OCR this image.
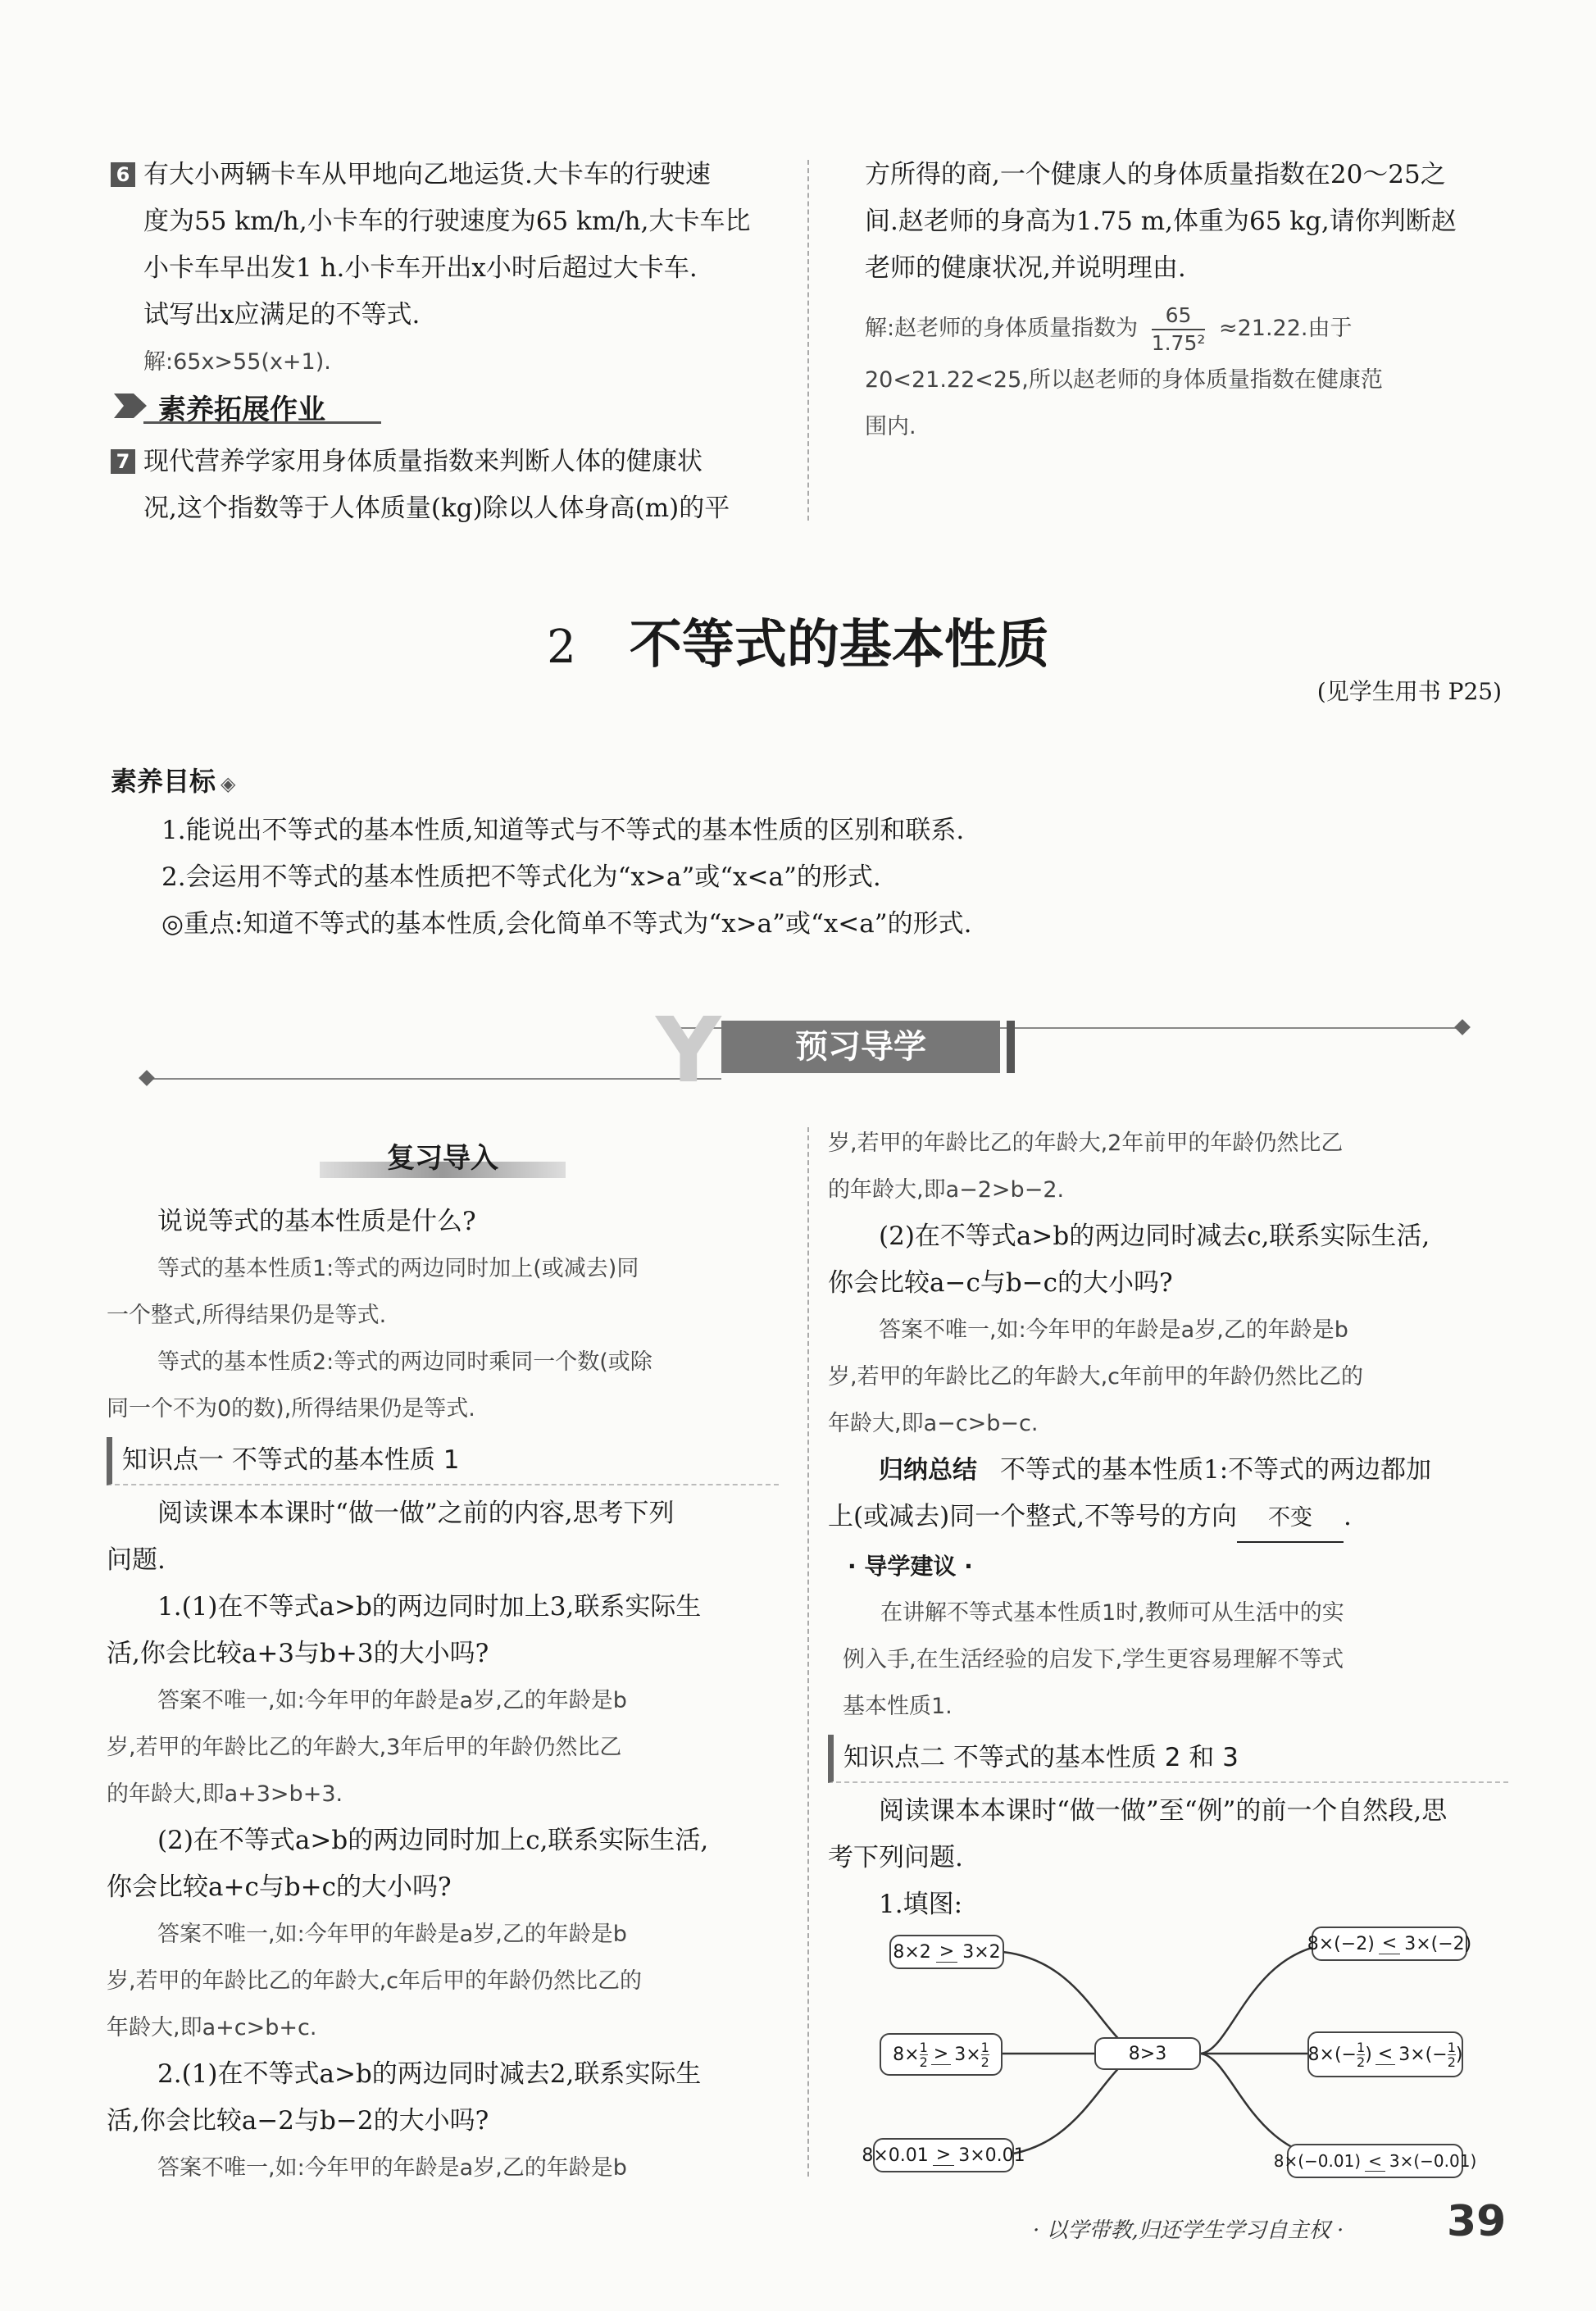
6 有大小两辆卡车从甲地向乙地运货.大卡车的行驶速

度为55 km/h,小卡车的行驶速度为65 km/h,大卡车比

小卡车早出发1 h.小卡车开出x小时后超过大卡车.

试写出x应满足的不等式.

解:65x>55(x+1).

素养拓展作业

7 现代营养学家用身体质量指数来判断人体的健康状

况,这个指数等于人体质量(kg)除以人体身高(m)的平

方所得的商,一个健康人的身体质量指数在20～25之

间.赵老师的身高为1.75 m,体重为65 kg,请你判断赵

老师的健康状况,并说明理由.

解:赵老师的身体质量指数为 $\frac{65}{\text{1.75²}} \approx 21.22$.由于

20<21.22<25,所以赵老师的身体质量指数在健康范

围内.

2 不等式的基本性质
(见学生用书 P25)

素养目标 ◈

1.能说出不等式的基本性质,知道等式与不等式的基本性质的区别和联系.

2.会运用不等式的基本性质把不等式化为“x>a”或“x<a”的形式.

◎重点:知道不等式的基本性质,会化简单不等式为“x>a”或“x<a”的形式.

Y	预习导学
复习导入

说说等式的基本性质是什么?

等式的基本性质1:等式的两边同时加上(或减去)同

一个整式,所得结果仍是等式.

等式的基本性质2:等式的两边同时乘同一个数(或除

同一个不为0的数),所得结果仍是等式.

知识点一 不等式的基本性质 1

阅读课本本课时“做一做”之前的内容,思考下列

问题.

1.(1)在不等式a>b的两边同时加上3,联系实际生

活,你会比较a+3与b+3的大小吗?

答案不唯一,如:今年甲的年龄是a岁,乙的年龄是b

岁,若甲的年龄比乙的年龄大,3年后甲的年龄仍然比乙

的年龄大,即a+3>b+3.

(2)在不等式a>b的两边同时加上c,联系实际生活,

你会比较a+c与b+c的大小吗?

答案不唯一,如:今年甲的年龄是a岁,乙的年龄是b

岁,若甲的年龄比乙的年龄大,c年后甲的年龄仍然比乙的

年龄大,即a+c>b+c.

2.(1)在不等式a>b的两边同时减去2,联系实际生

活,你会比较a−2与b−2的大小吗?

答案不唯一,如:今年甲的年龄是a岁,乙的年龄是b

岁,若甲的年龄比乙的年龄大,2年前甲的年龄仍然比乙

的年龄大,即a−2>b−2.

(2)在不等式a>b的两边同时减去c,联系实际生活,

你会比较a−c与b−c的大小吗?

答案不唯一,如:今年甲的年龄是a岁,乙的年龄是b

岁,若甲的年龄比乙的年龄大,c年前甲的年龄仍然比乙的

年龄大,即a−c>b−c.

归纳总结 不等式的基本性质1:不等式的两边都加

上(或减去)同一个整式,不等号的方向 不变 .

· 导学建议 ·

在讲解不等式基本性质1时,教师可从生活中的实

例入手,在生活经验的启发下,学生更容易理解不等式

基本性质1.

知识点二 不等式的基本性质 2 和 3

阅读课本本课时“做一做”至“例”的前一个自然段,思

考下列问题.

1.填图:

8>3
8×2 > 3×2
$8\times \frac{1}{2} > 3\times \frac{1}{2}$
8×0.01 > 3×0.01
8×(−2) < 3×(−2)
8× (− $\frac{1}{2}$ ) < 3× (− $\frac{1}{2}$ )
8×(−0.01) < 3×(−0.01)
· 以学带教,归还学生学习自主权 · 39
